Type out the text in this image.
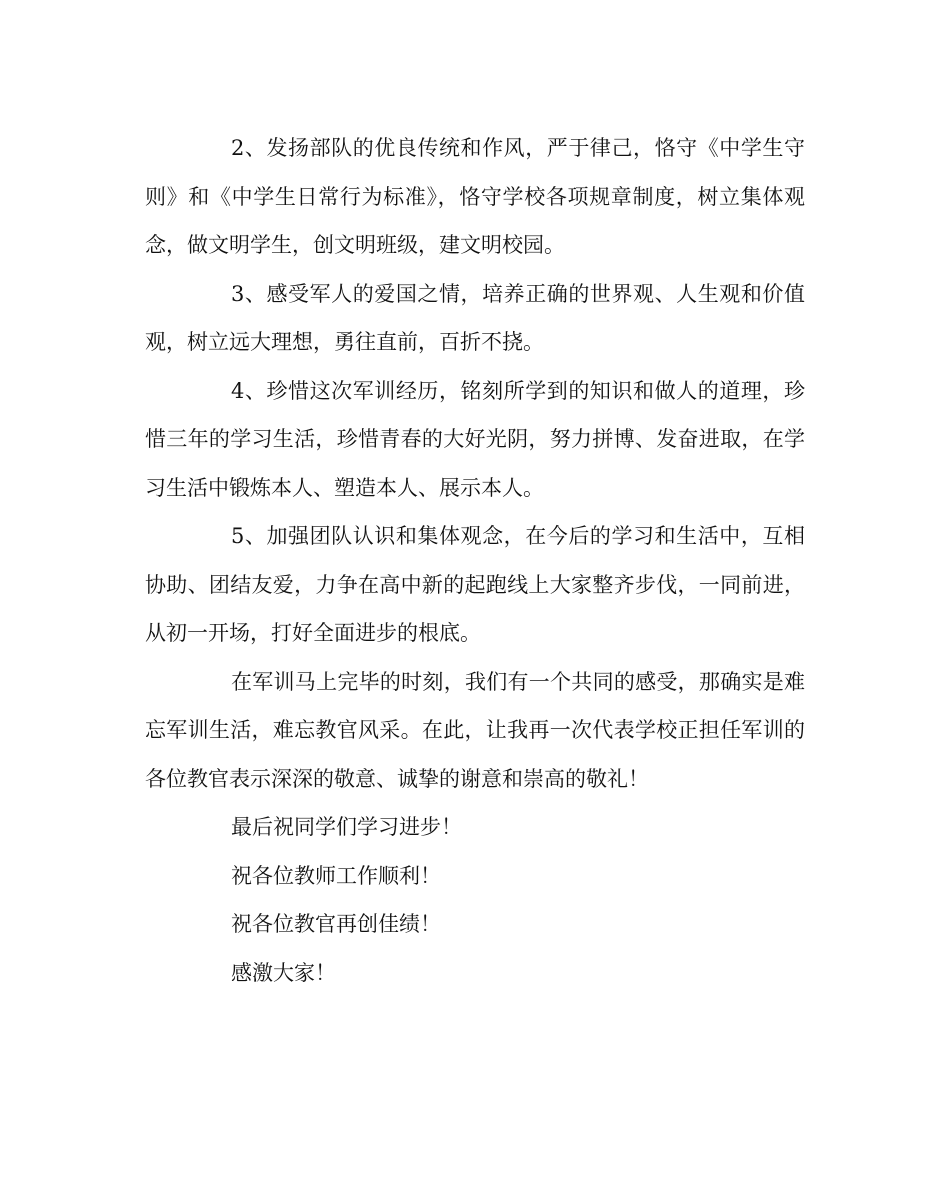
2、发扬部队的优良传统和作风，严于律己，恪守《中学生守则》和《中学生日常行为标准》，恪守学校各项规章制度，树立集体观念，做文明学生，创文明班级，建文明校园。

3、感受军人的爱国之情，培养正确的世界观、人生观和价值观，树立远大理想，勇往直前，百折不挠。

4、珍惜这次军训经历，铭刻所学到的知识和做人的道理，珍惜三年的学习生活，珍惜青春的大好光阴，努力拼博、发奋进取，在学习生活中锻炼本人、塑造本人、展示本人。

5、加强团队认识和集体观念，在今后的学习和生活中，互相协助、团结友爱，力争在高中新的起跑线上大家整齐步伐，一同前进，从初一开场，打好全面进步的根底。

在军训马上完毕的时刻，我们有一个共同的感受，那确实是难忘军训生活，难忘教官风采。在此，让我再一次代表学校正担任军训的各位教官表示深深的敬意、诚挚的谢意和崇高的敬礼！

最后祝同学们学习进步！

祝各位教师工作顺利！

祝各位教官再创佳绩！

感激大家！
